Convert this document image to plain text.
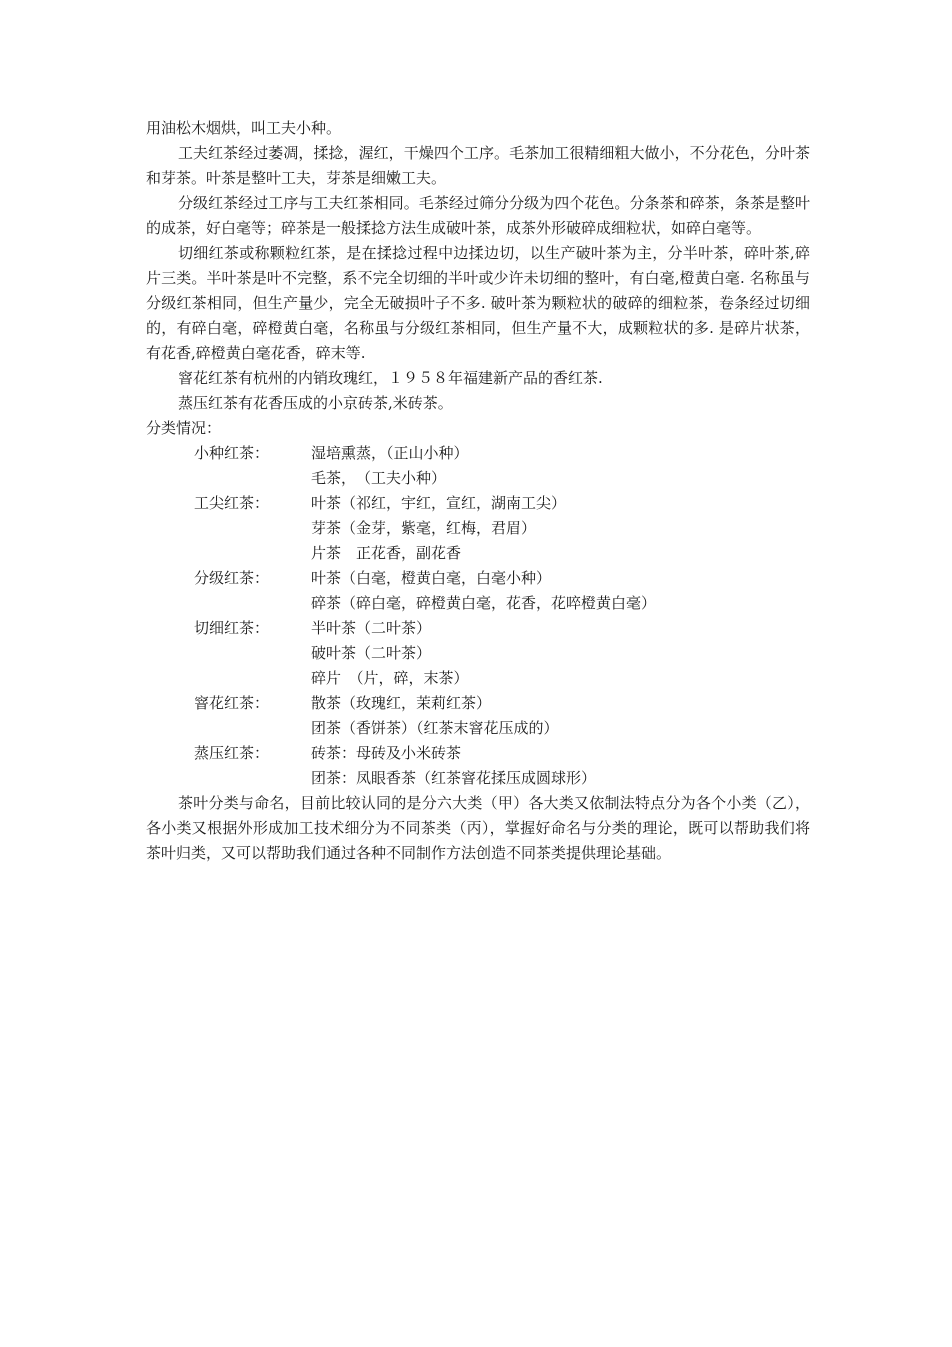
用油松木烟烘，叫工夫小种。

工夫红茶经过萎凋，揉捻，渥红，干燥四个工序。毛茶加工很精细粗大做小，不分花色，分叶茶和芽茶。叶茶是整叶工夫，芽茶是细嫩工夫。

分级红茶经过工序与工夫红茶相同。毛茶经过筛分分级为四个花色。分条茶和碎茶，条茶是整叶的成茶，好白毫等；碎茶是一般揉捻方法生成破叶茶，成茶外形破碎成细粒状，如碎白毫等。

切细红茶或称颗粒红茶，是在揉捻过程中边揉边切，以生产破叶茶为主，分半叶茶，碎叶茶,碎片三类。半叶茶是叶不完整，系不完全切细的半叶或少许未切细的整叶，有白毫,橙黄白毫. 名称虽与分级红茶相同，但生产量少，完全无破损叶子不多. 破叶茶为颗粒状的破碎的细粒茶，卷条经过切细的，有碎白毫，碎橙黄白毫，名称虽与分级红茶相同，但生产量不大，成颗粒状的多. 是碎片状茶，有花香,碎橙黄白毫花香，碎末等.

窨花红茶有杭州的内销玫瑰红，１９５８年福建新产品的香红茶.

蒸压红茶有花香压成的小京砖茶,米砖茶。

分类情况：

小种红茶：	湿培熏蒸，（正山小种）
毛茶，　（工夫小种）
工尖红茶：	叶茶（祁红，宇红，宣红，湖南工尖）
芽茶（金芽，紫毫，红梅，君眉）
片茶　正花香，副花香
分级红茶：	叶茶（白毫，橙黄白毫，白毫小种）
碎茶（碎白毫，碎橙黄白毫，花香，花啐橙黄白毫）
切细红茶：	半叶茶（二叶茶）
破叶茶（二叶茶）
碎片　（片，碎，末茶）
窨花红茶：	散茶（玫瑰红，茉莉红茶）
团茶（香饼茶）（红茶末窨花压成的）
蒸压红茶：	砖茶：母砖及小米砖茶
团茶：凤眼香茶（红茶窨花揉压成圆球形）

茶叶分类与命名，目前比较认同的是分六大类（甲）各大类又依制法特点分为各个小类（乙），各小类又根据外形成加工技术细分为不同茶类（丙），掌握好命名与分类的理论，既可以帮助我们将茶叶归类，又可以帮助我们通过各种不同制作方法创造不同茶类提供理论基础。
